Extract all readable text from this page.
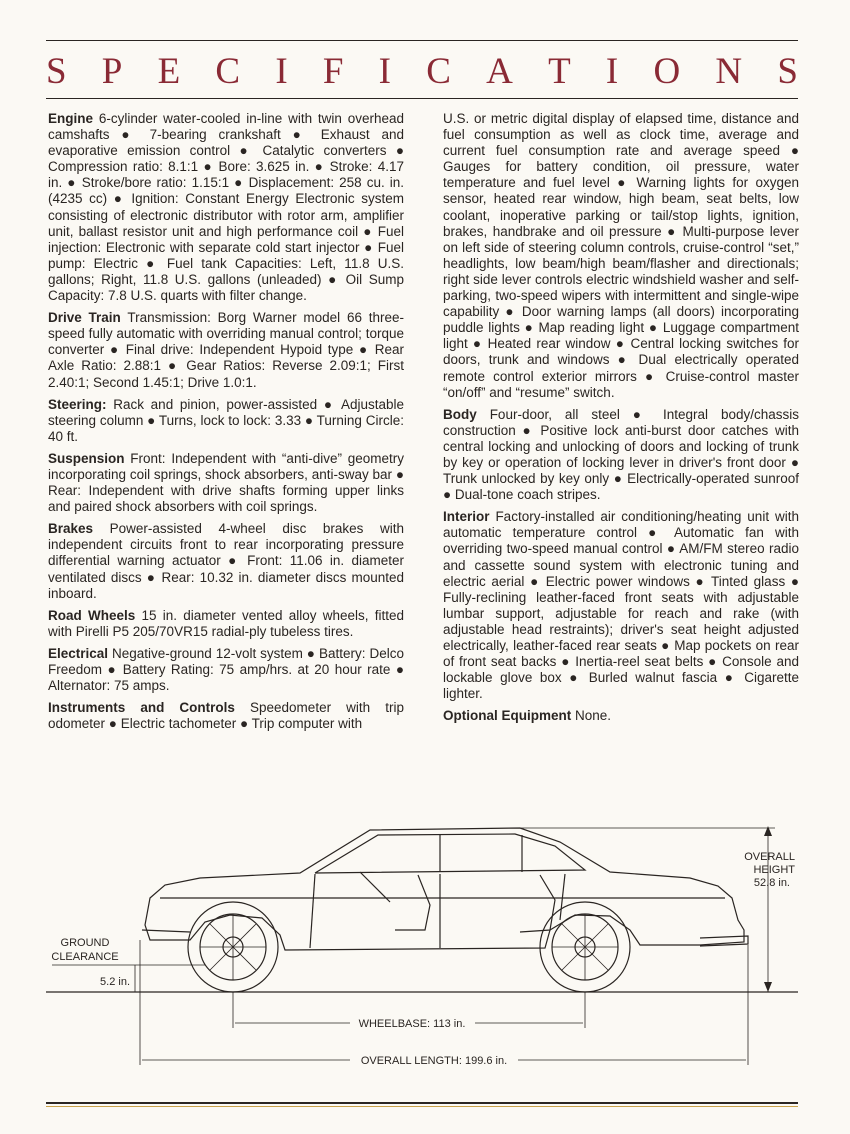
S P E C I F I C A T I O N S

Engine 6-cylinder water-cooled in-line with twin overhead camshafts ● 7-bearing crankshaft ● Exhaust and evaporative emission control ● Catalytic converters ● Compression ratio: 8.1:1 ● Bore: 3.625 in. ● Stroke: 4.17 in. ● Stroke/bore ratio: 1.15:1 ● Displacement: 258 cu. in. (4235 cc) ● Ignition: Constant Energy Electronic system consisting of electronic distributor with rotor arm, amplifier unit, ballast resistor unit and high performance coil ● Fuel injection: Electronic with separate cold start injector ● Fuel pump: Electric ● Fuel tank Capacities: Left, 11.8 U.S. gallons; Right, 11.8 U.S. gallons (unleaded) ● Oil Sump Capacity: 7.8 U.S. quarts with filter change.

Drive Train Transmission: Borg Warner model 66 three-speed fully automatic with overriding manual control; torque converter ● Final drive: Independent Hypoid type ● Rear Axle Ratio: 2.88:1 ● Gear Ratios: Reverse 2.09:1; First 2.40:1; Second 1.45:1; Drive 1.0:1.

Steering: Rack and pinion, power-assisted ● Adjustable steering column ● Turns, lock to lock: 3.33 ● Turning Circle: 40 ft.

Suspension Front: Independent with “anti-dive” geometry incorporating coil springs, shock absorbers, anti-sway bar ● Rear: Independent with drive shafts forming upper links and paired shock absorbers with coil springs.

Brakes Power-assisted 4-wheel disc brakes with independent circuits front to rear incorporating pressure differential warning actuator ● Front: 11.06 in. diameter ventilated discs ● Rear: 10.32 in. diameter discs mounted inboard.

Road Wheels 15 in. diameter vented alloy wheels, fitted with Pirelli P5 205/70VR15 radial-ply tubeless tires.

Electrical Negative-ground 12-volt system ● Battery: Delco Freedom ● Battery Rating: 75 amp/hrs. at 20 hour rate ● Alternator: 75 amps.

Instruments and Controls Speedometer with trip odometer ● Electric tachometer ● Trip computer with

U.S. or metric digital display of elapsed time, distance and fuel consumption as well as clock time, average and current fuel consumption rate and average speed ● Gauges for battery condition, oil pressure, water temperature and fuel level ● Warning lights for oxygen sensor, heated rear window, high beam, seat belts, low coolant, inoperative parking or tail/stop lights, ignition, brakes, handbrake and oil pressure ● Multi-purpose lever on left side of steering column controls, cruise-control “set,” headlights, low beam/high beam/flasher and directionals; right side lever controls electric windshield washer and self-parking, two-speed wipers with intermittent and single-wipe capability ● Door warning lamps (all doors) incorporating puddle lights ● Map reading light ● Luggage compartment light ● Heated rear window ● Central locking switches for doors, trunk and windows ● Dual electrically operated remote control exterior mirrors ● Cruise-control master “on/off” and “resume” switch.

Body Four-door, all steel ● Integral body/chassis construction ● Positive lock anti-burst door catches with central locking and unlocking of doors and locking of trunk by key or operation of locking lever in driver's front door ● Trunk unlocked by key only ● Electrically-operated sunroof ● Dual-tone coach stripes.

Interior Factory-installed air conditioning/heating unit with automatic temperature control ● Automatic fan with overriding two-speed manual control ● AM/FM stereo radio and cassette sound system with electronic tuning and electric aerial ● Electric power windows ● Tinted glass ● Fully-reclining leather-faced front seats with adjustable lumbar support, adjustable for reach and rake (with adjustable head restraints); driver's seat height adjusted electrically, leather-faced rear seats ● Map pockets on rear of front seat backs ● Inertia-reel seat belts ● Console and lockable glove box ● Burled walnut fascia ● Cigarette lighter.

Optional Equipment None.

GROUND
CLEARANCE
5.2 in.
OVERALL
HEIGHT
52.8 in.
WHEELBASE: 113 in.
OVERALL LENGTH: 199.6 in.
